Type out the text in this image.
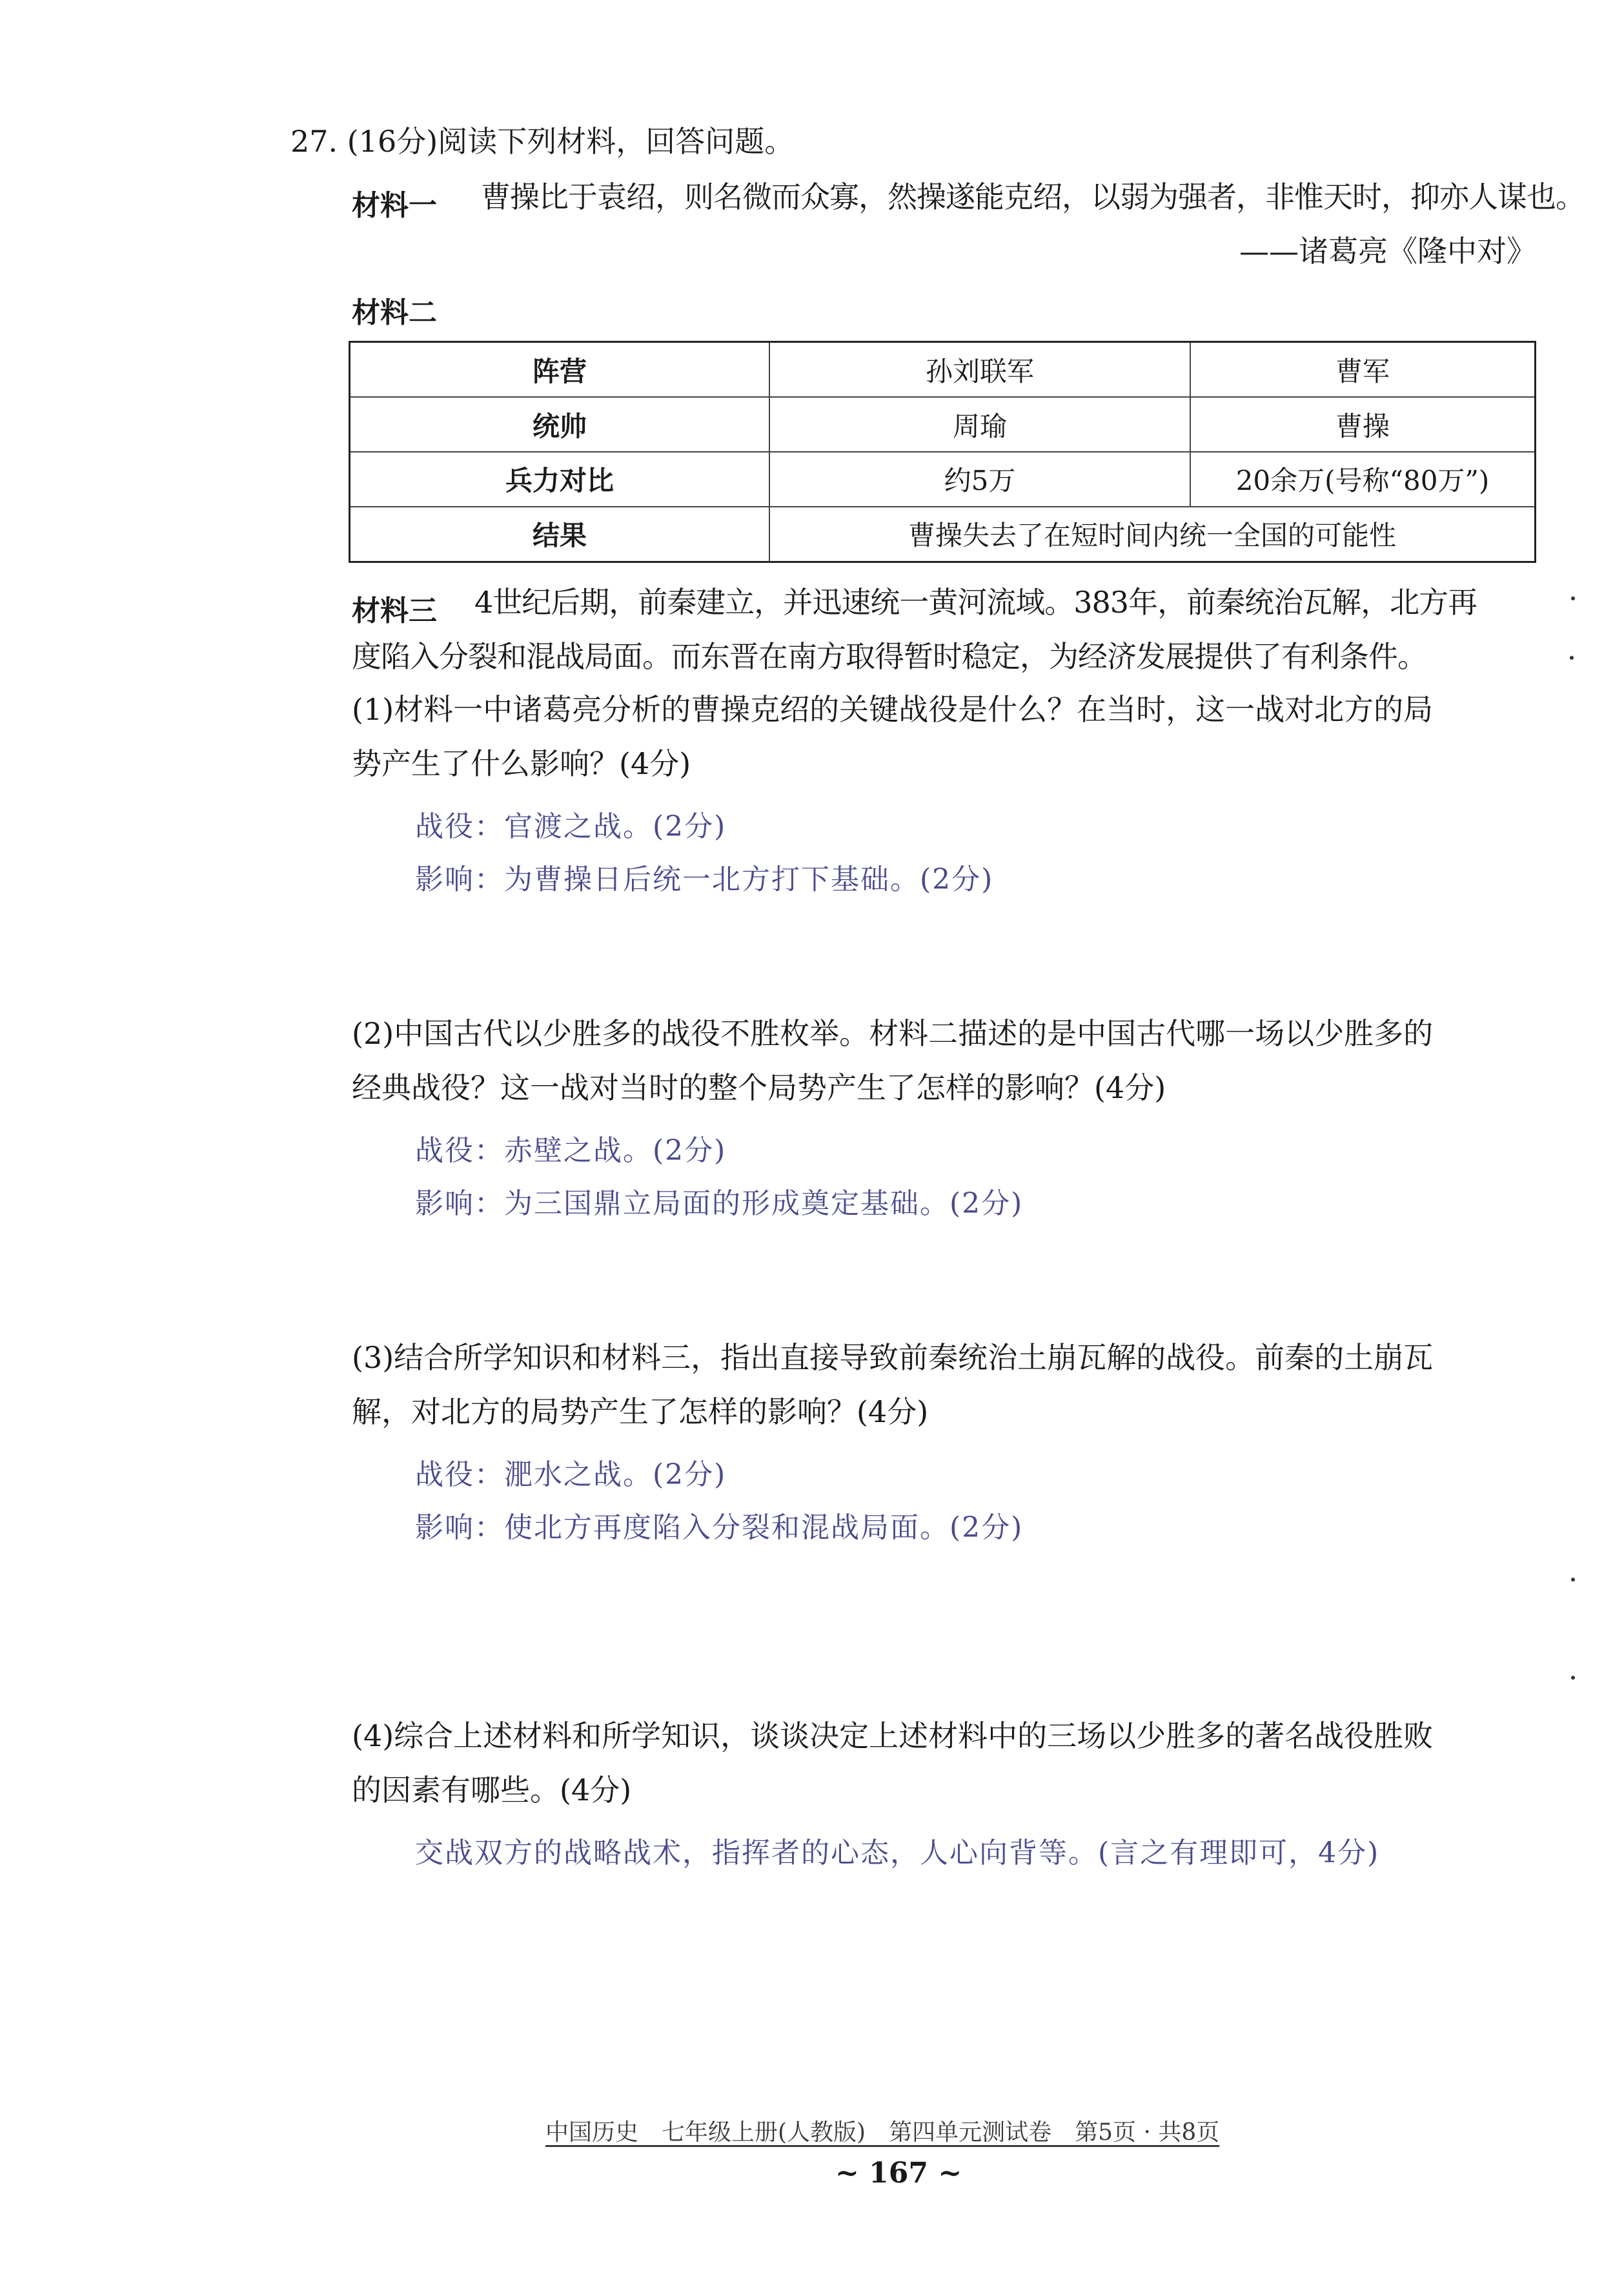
27. (16分)阅读下列材料，回答问题。
材料一 曹操比于袁绍，则名微而众寡，然操遂能克绍，以弱为强者，非惟天时，抑亦人谋也。
——诸葛亮《隆中对》
材料二
阵营	孙刘联军	曹军
统帅	周瑜	曹操
兵力对比	约5万	20余万(号称“80万”)
结果	曹操失去了在短时间内统一全国的可能性	
材料三 4世纪后期，前秦建立，并迅速统一黄河流域。383年，前秦统治瓦解，北方再
度陷入分裂和混战局面。而东晋在南方取得暂时稳定，为经济发展提供了有利条件。
(1)材料一中诸葛亮分析的曹操克绍的关键战役是什么？在当时，这一战对北方的局
势产生了什么影响？(4分)
战役：官渡之战。(2分)
影响：为曹操日后统一北方打下基础。(2分)
(2)中国古代以少胜多的战役不胜枚举。材料二描述的是中国古代哪一场以少胜多的
经典战役？这一战对当时的整个局势产生了怎样的影响？(4分)
战役：赤壁之战。(2分)
影响：为三国鼎立局面的形成奠定基础。(2分)
(3)结合所学知识和材料三，指出直接导致前秦统治土崩瓦解的战役。前秦的土崩瓦
解，对北方的局势产生了怎样的影响？(4分)
战役：淝水之战。(2分)
影响：使北方再度陷入分裂和混战局面。(2分)
(4)综合上述材料和所学知识，谈谈决定上述材料中的三场以少胜多的著名战役胜败
的因素有哪些。(4分)
交战双方的战略战术，指挥者的心态，人心向背等。(言之有理即可，4分)
中国历史　七年级上册(人教版)　第四单元测试卷　第5页 · 共8页
~ 167 ~
